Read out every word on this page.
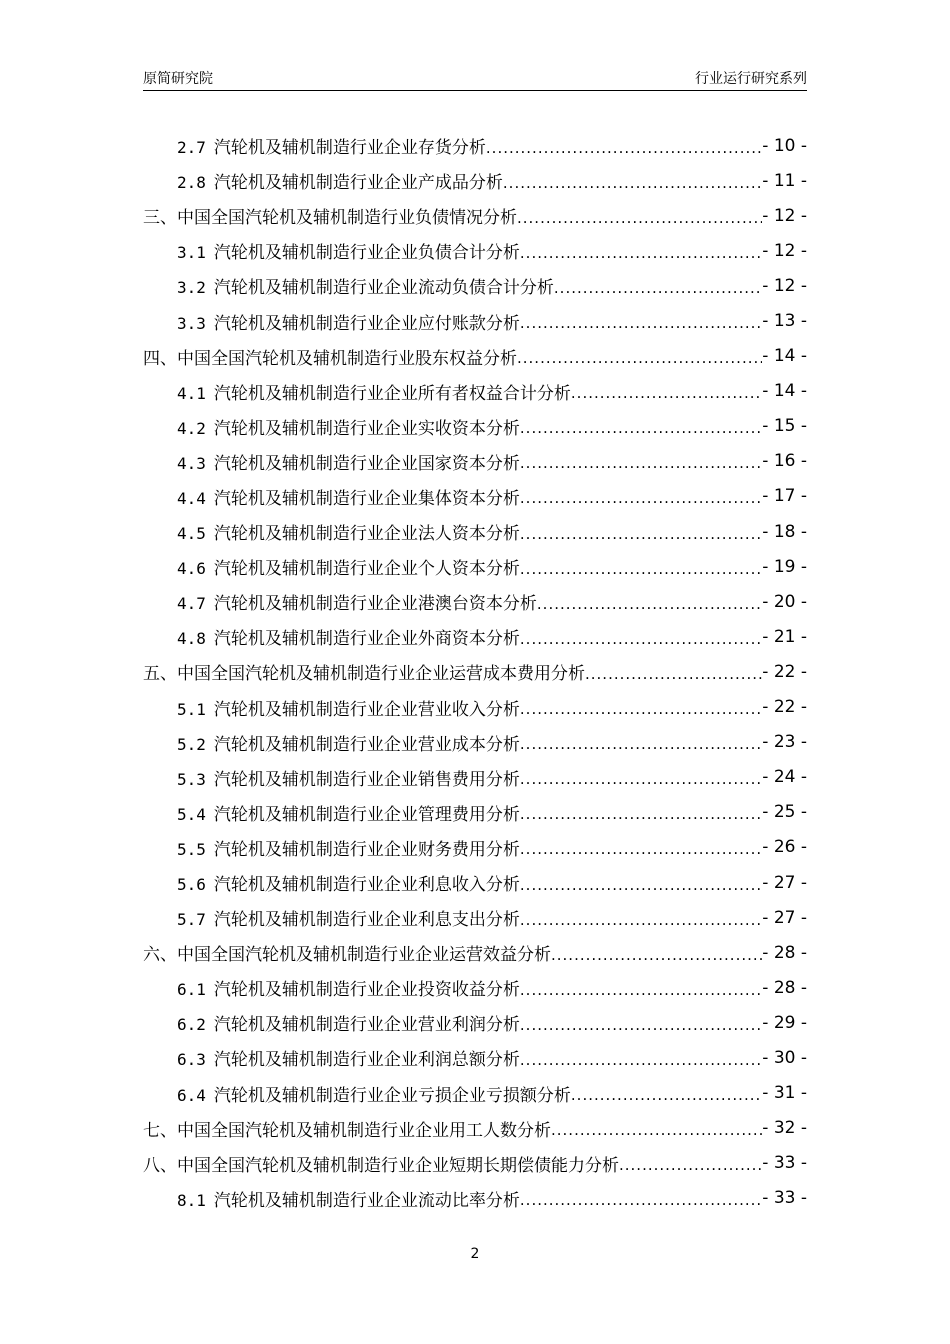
原简研究院	行业运行研究系列
2.7 汽轮机及辅机制造行业企业存货分析 .....	- 10 -
2.8 汽轮机及辅机制造行业企业产成品分析 .....	- 11 -
三、中国全国汽轮机及辅机制造行业负债情况分析 .....	- 12 -
3.1 汽轮机及辅机制造行业企业负债合计分析 .....	- 12 -
3.2 汽轮机及辅机制造行业企业流动负债合计分析 .....	- 12 -
3.3 汽轮机及辅机制造行业企业应付账款分析 .....	- 13 -
四、中国全国汽轮机及辅机制造行业股东权益分析 .....	- 14 -
4.1 汽轮机及辅机制造行业企业所有者权益合计分析 .....	- 14 -
4.2 汽轮机及辅机制造行业企业实收资本分析 .....	- 15 -
4.3 汽轮机及辅机制造行业企业国家资本分析 .....	- 16 -
4.4 汽轮机及辅机制造行业企业集体资本分析 .....	- 17 -
4.5 汽轮机及辅机制造行业企业法人资本分析 .....	- 18 -
4.6 汽轮机及辅机制造行业企业个人资本分析 .....	- 19 -
4.7 汽轮机及辅机制造行业企业港澳台资本分析 .....	- 20 -
4.8 汽轮机及辅机制造行业企业外商资本分析 .....	- 21 -
五、中国全国汽轮机及辅机制造行业企业运营成本费用分析 .....	- 22 -
5.1 汽轮机及辅机制造行业企业营业收入分析 .....	- 22 -
5.2 汽轮机及辅机制造行业企业营业成本分析 .....	- 23 -
5.3 汽轮机及辅机制造行业企业销售费用分析 .....	- 24 -
5.4 汽轮机及辅机制造行业企业管理费用分析 .....	- 25 -
5.5 汽轮机及辅机制造行业企业财务费用分析 .....	- 26 -
5.6 汽轮机及辅机制造行业企业利息收入分析 .....	- 27 -
5.7 汽轮机及辅机制造行业企业利息支出分析 .....	- 27 -
六、中国全国汽轮机及辅机制造行业企业运营效益分析 .....	- 28 -
6.1 汽轮机及辅机制造行业企业投资收益分析 .....	- 28 -
6.2 汽轮机及辅机制造行业企业营业利润分析 .....	- 29 -
6.3 汽轮机及辅机制造行业企业利润总额分析 .....	- 30 -
6.4 汽轮机及辅机制造行业企业亏损企业亏损额分析 .....	- 31 -
七、中国全国汽轮机及辅机制造行业企业用工人数分析 .....	- 32 -
八、中国全国汽轮机及辅机制造行业企业短期长期偿债能力分析 .....	- 33 -
8.1 汽轮机及辅机制造行业企业流动比率分析 .....	- 33 -
2
